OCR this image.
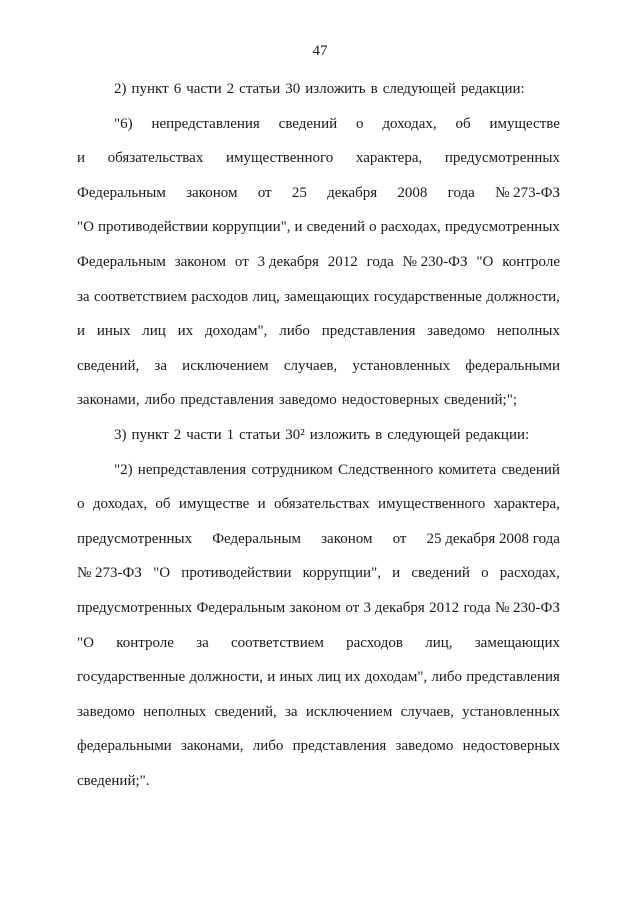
47
2) пункт 6 части 2 статьи 30 изложить в следующей редакции:
"6) непредставления сведений о доходах, об имуществе
и обязательствах имущественного характера, предусмотренных
Федеральным законом от 25 декабря 2008 года № 273-ФЗ
"О противодействии коррупции", и сведений о расходах, предусмотренных
Федеральным законом от 3 декабря 2012 года № 230-ФЗ "О контроле
за соответствием расходов лиц, замещающих государственные должности,
и иных лиц их доходам", либо представления заведомо неполных
сведений, за исключением случаев, установленных федеральными
законами, либо представления заведомо недостоверных сведений;";
3) пункт 2 части 1 статьи 30² изложить в следующей редакции:
"2) непредставления сотрудником Следственного комитета сведений
о доходах, об имуществе и обязательствах имущественного характера,
предусмотренных Федеральным законом от 25 декабря 2008 года
№ 273-ФЗ "О противодействии коррупции", и сведений о расходах,
предусмотренных Федеральным законом от 3 декабря 2012 года № 230-ФЗ
"О контроле за соответствием расходов лиц, замещающих
государственные должности, и иных лиц их доходам", либо представления
заведомо неполных сведений, за исключением случаев, установленных
федеральными законами, либо представления заведомо недостоверных
сведений;".
